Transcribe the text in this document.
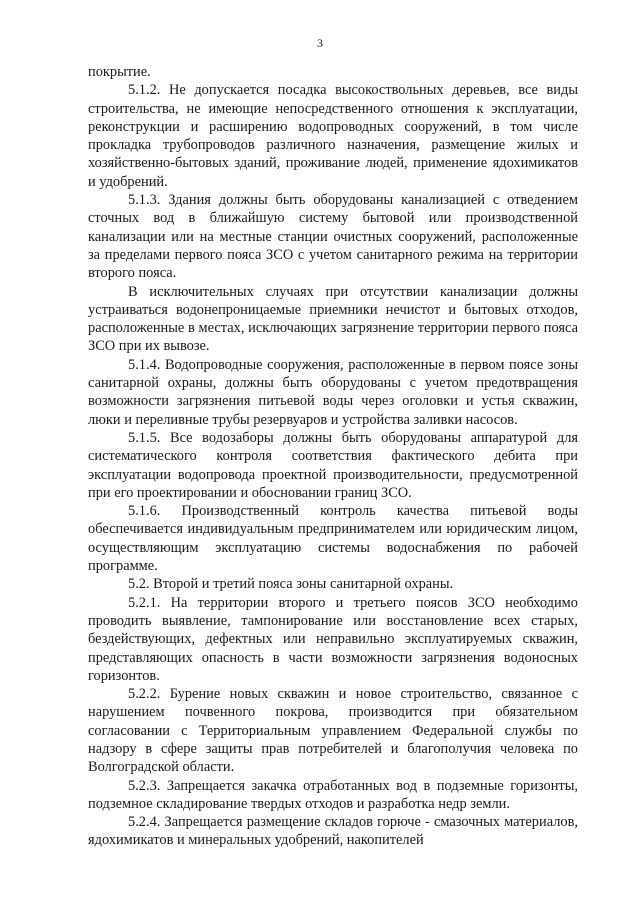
3

покрытие.

5.1.2. Не допускается посадка высокоствольных деревьев, все виды строительства, не имеющие непосредственного отношения к эксплуатации, реконструкции и расширению водопроводных сооружений, в том числе прокладка трубопроводов различного назначения, размещение жилых и хозяйственно-бытовых зданий, проживание людей, применение ядохимикатов и удобрений.

5.1.3. Здания должны быть оборудованы канализацией с отведением сточных вод в ближайшую систему бытовой или производственной канализации или на местные станции очистных сооружений, расположенные за пределами первого пояса ЗСО с учетом санитарного режима на территории второго пояса.

В исключительных случаях при отсутствии канализации должны устраиваться водонепроницаемые приемники нечистот и бытовых отходов, расположенные в местах, исключающих загрязнение территории первого пояса ЗСО при их вывозе.

5.1.4. Водопроводные сооружения, расположенные в первом поясе зоны санитарной охраны, должны быть оборудованы с учетом предотвращения возможности загрязнения питьевой воды через оголовки и устья скважин, люки и переливные трубы резервуаров и устройства заливки насосов.

5.1.5. Все водозаборы должны быть оборудованы аппаратурой для систематического контроля соответствия фактического дебита при эксплуатации водопровода проектной производительности, предусмотренной при его проектировании и обосновании границ ЗСО.

5.1.6. Производственный контроль качества питьевой воды обеспечивается индивидуальным предпринимателем или юридическим лицом, осуществляющим эксплуатацию системы водоснабжения по рабочей программе.

5.2. Второй и третий пояса зоны санитарной охраны.

5.2.1. На территории второго и третьего поясов ЗСО необходимо проводить выявление, тампонирование или восстановление всех старых, бездействующих, дефектных или неправильно эксплуатируемых скважин, представляющих опасность в части возможности загрязнения водоносных горизонтов.

5.2.2. Бурение новых скважин и новое строительство, связанное с нарушением почвенного покрова, производится при обязательном согласовании с Территориальным управлением Федеральной службы по надзору в сфере защиты прав потребителей и благополучия человека по Волгоградской области.

5.2.3. Запрещается закачка отработанных вод в подземные горизонты, подземное складирование твердых отходов и разработка недр земли.

5.2.4. Запрещается размещение складов горюче - смазочных материалов, ядохимикатов и минеральных удобрений, накопителей
